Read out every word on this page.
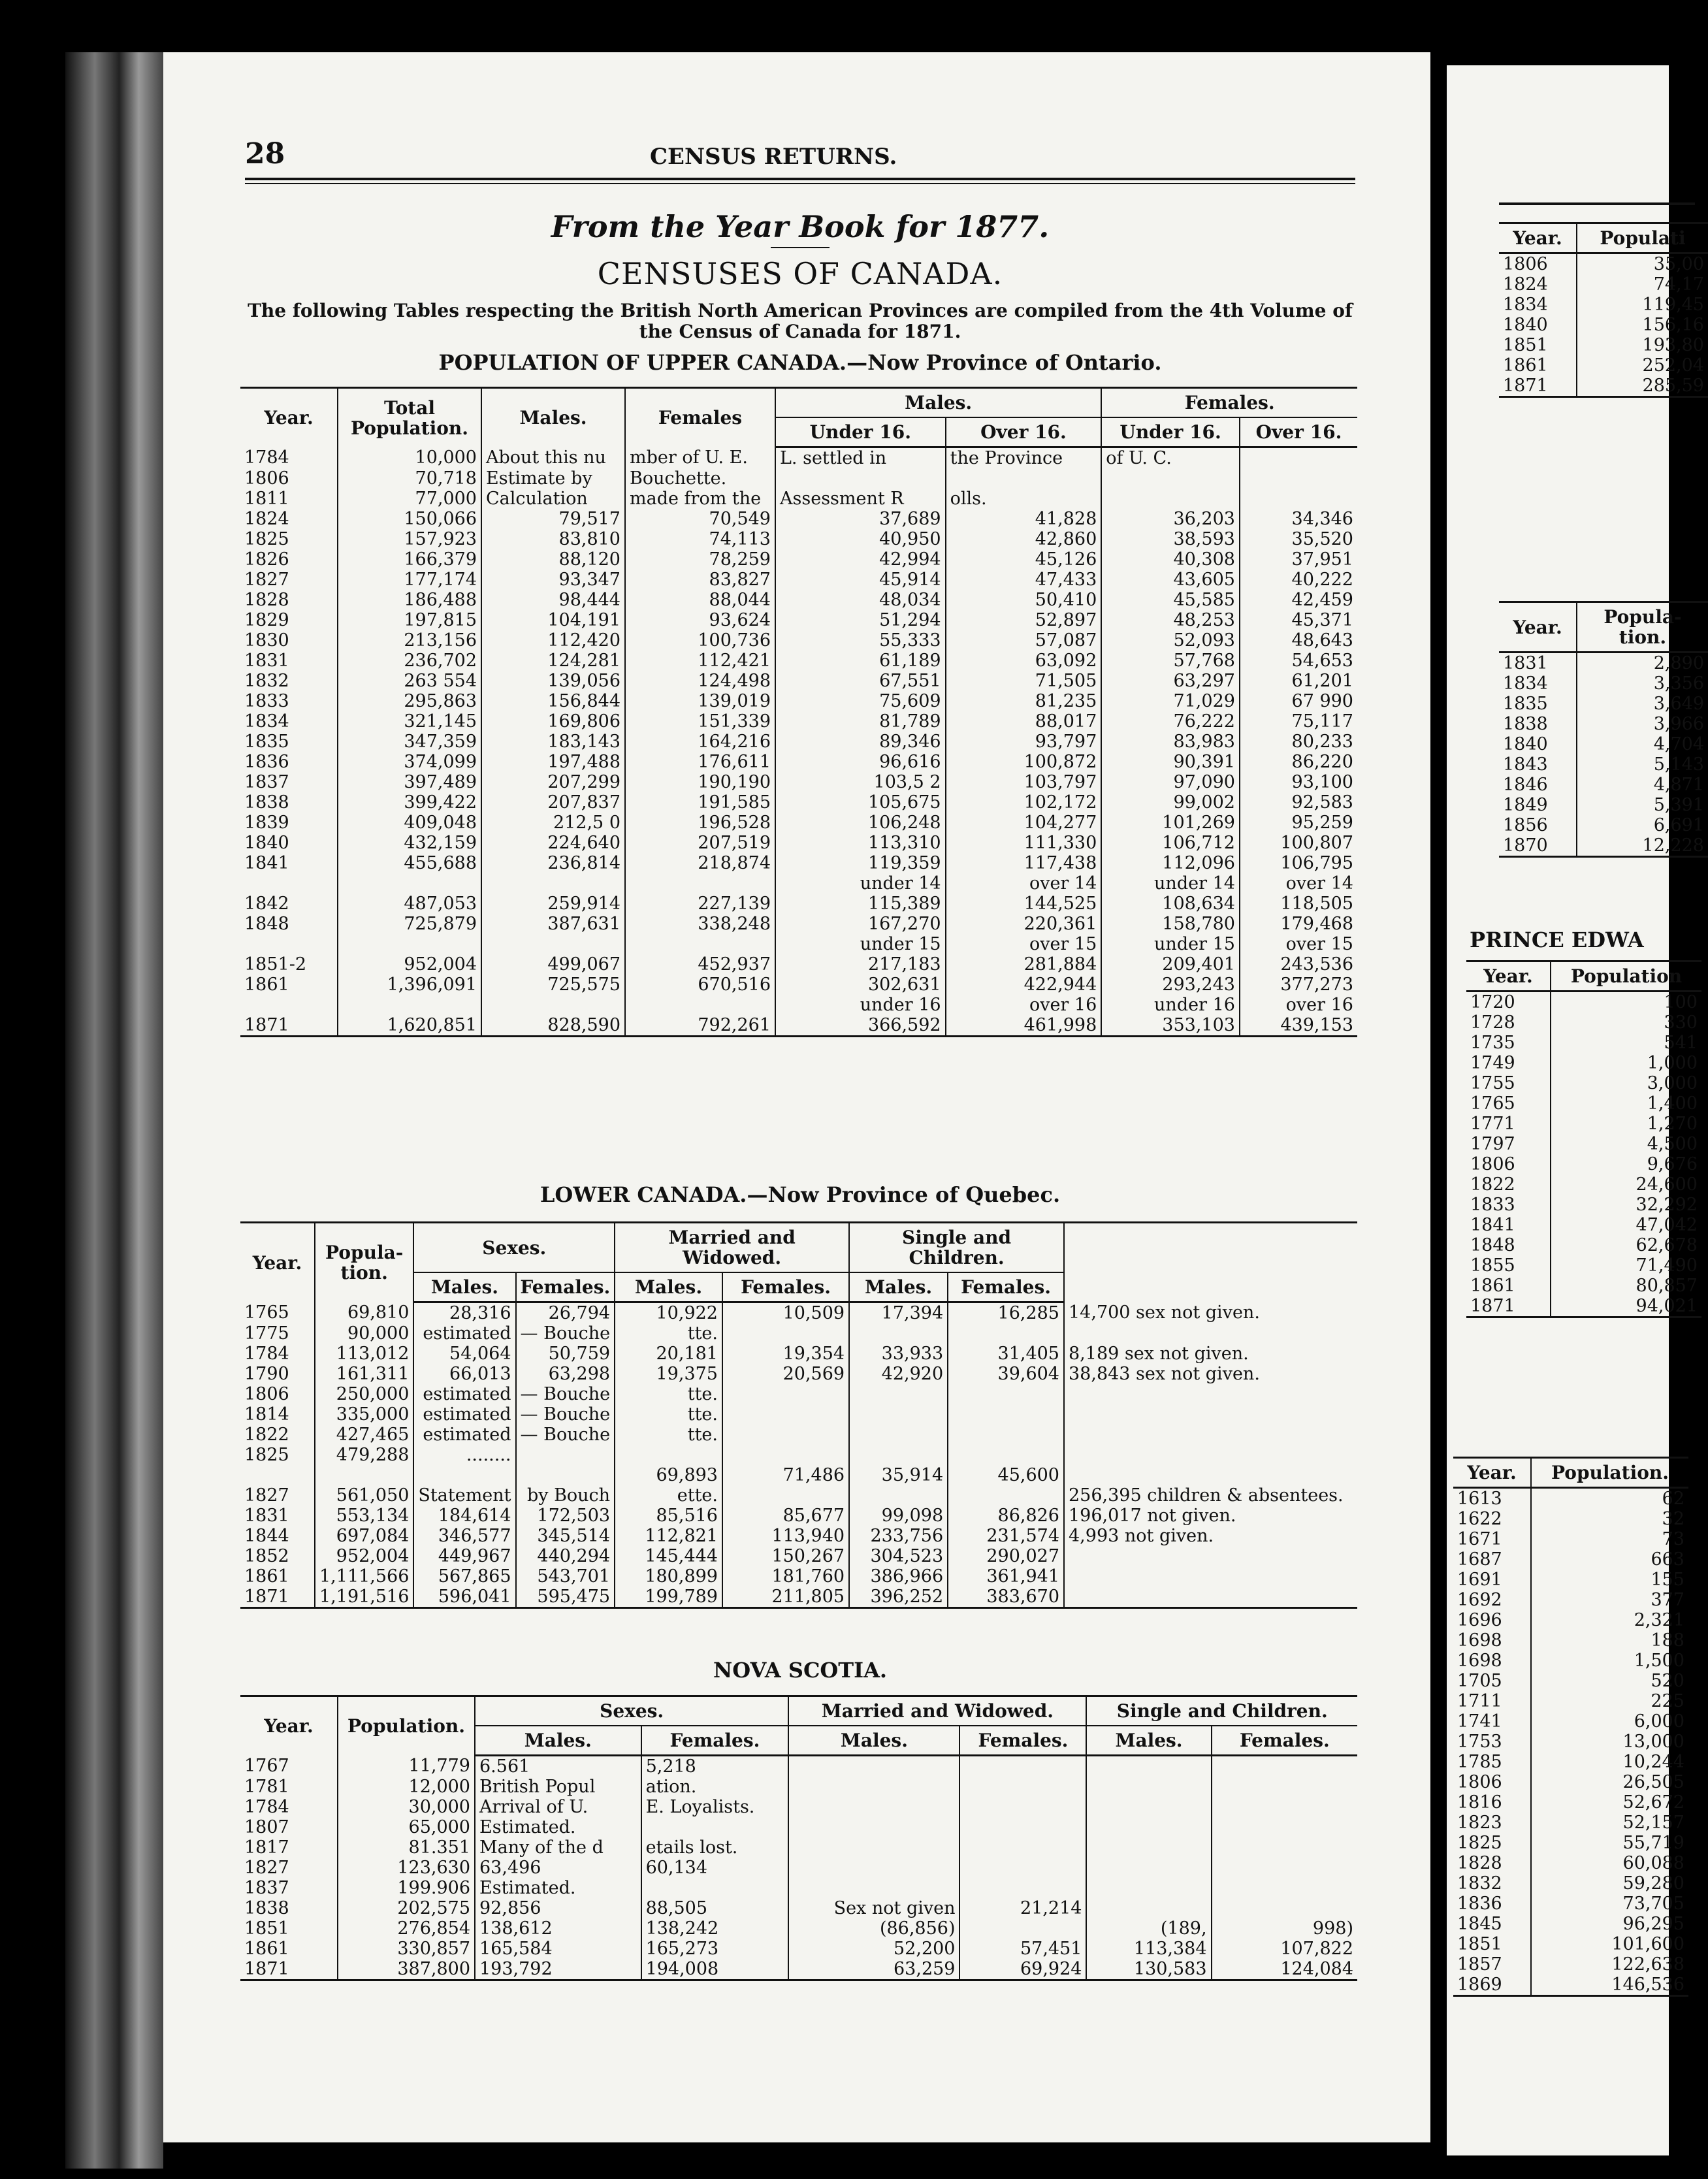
28	CENSUS RETURNS.
From the Year Book for 1877.
CENSUSES OF CANADA.
The following Tables respecting the British North American Provinces are compiled from the 4th Volume of the Census of Canada for 1871.
POPULATION OF UPPER CANADA.—Now Province of Ontario.
Year.	Total Population.	Males.	Females	Males.		Females.	
				Under 16.	Over 16.	Under 16.	Over 16.
1784	10,000	About this nu	mber of U. E.	L. settled in	the Province	of U. C.	
1806	70,718	Estimate by	Bouchette.				
1811	77,000	Calculation	made from the	Assessment R	olls.		
1824	150,066	79,517	70,549	37,689	41,828	36,203	34,346
1825	157,923	83,810	74,113	40,950	42,860	38,593	35,520
1826	166,379	88,120	78,259	42,994	45,126	40,308	37,951
1827	177,174	93,347	83,827	45,914	47,433	43,605	40,222
1828	186,488	98,444	88,044	48,034	50,410	45,585	42,459
1829	197,815	104,191	93,624	51,294	52,897	48,253	45,371
1830	213,156	112,420	100,736	55,333	57,087	52,093	48,643
1831	236,702	124,281	112,421	61,189	63,092	57,768	54,653
1832	263 554	139,056	124,498	67,551	71,505	63,297	61,201
1833	295,863	156,844	139,019	75,609	81,235	71,029	67 990
1834	321,145	169,806	151,339	81,789	88,017	76,222	75,117
1835	347,359	183,143	164,216	89,346	93,797	83,983	80,233
1836	374,099	197,488	176,611	96,616	100,872	90,391	86,220
1837	397,489	207,299	190,190	103,5 2	103,797	97,090	93,100
1838	399,422	207,837	191,585	105,675	102,172	99,002	92,583
1839	409,048	212,5 0	196,528	106,248	104,277	101,269	95,259
1840	432,159	224,640	207,519	113,310	111,330	106,712	100,807
1841	455,688	236,814	218,874	119,359	117,438	112,096	106,795
				under 14	over 14	under 14	over 14
1842	487,053	259,914	227,139	115,389	144,525	108,634	118,505
1848	725,879	387,631	338,248	167,270	220,361	158,780	179,468
				under 15	over 15	under 15	over 15
1851-2	952,004	499,067	452,937	217,183	281,884	209,401	243,536
1861	1,396,091	725,575	670,516	302,631	422,944	293,243	377,273
				under 16	over 16	under 16	over 16
1871	1,620,851	828,590	792,261	366,592	461,998	353,103	439,153
LOWER CANADA.—Now Province of Quebec.
Year.	Popula- tion.	Sexes.		Married and Widowed.		Single and Children.		
		Males.	Females.	Males.	Females.	Males.	Females.	
1765	69,810	28,316	26,794	10,922	10,509	17,394	16,285	14,700 sex not given.
1775	90,000	estimated	— Bouche	tte.				
1784	113,012	54,064	50,759	20,181	19,354	33,933	31,405	8,189 sex not given.
1790	161,311	66,013	63,298	19,375	20,569	42,920	39,604	38,843 sex not given.
1806	250,000	estimated	— Bouche	tte.				
1814	335,000	estimated	— Bouche	tte.				
1822	427,465	estimated	— Bouche	tte.				
1825	479,288	........						
				69,893	71,486	35,914	45,600	
1827	561,050	Statement	by Bouch	ette.				256,395 children & absentees.
1831	553,134	184,614	172,503	85,516	85,677	99,098	86,826	196,017 not given.
1844	697,084	346,577	345,514	112,821	113,940	233,756	231,574	4,993 not given.
1852	952,004	449,967	440,294	145,444	150,267	304,523	290,027	
1861	1,111,566	567,865	543,701	180,899	181,760	386,966	361,941	
1871	1,191,516	596,041	595,475	199,789	211,805	396,252	383,670	
NOVA SCOTIA.
Year.	Population.	Sexes.		Married and Widowed.		Single and Children.	
		Males.	Females.	Males.	Females.	Males.	Females.
1767	11,779	6.561	5,218				
1781	12,000	British Popul	ation.				
1784	30,000	Arrival of U.	E. Loyalists.				
1807	65,000	Estimated.					
1817	81.351	Many of the d	etails lost.				
1827	123,630	63,496	60,134				
1837	199.906	Estimated.					
1838	202,575	92,856	88,505	Sex not given	21,214		
1851	276,854	138,612	138,242	(86,856)		(189,	998)
1861	330,857	165,584	165,273	52,200	57,451	113,384	107,822
1871	387,800	193,792	194,008	63,259	69,924	130,583	124,084
Year.	Populati
1806	35,00
1824	74,17
1834	119,45
1840	156,16
1851	193,80
1861	252,04
1871	285,59
Year.	Popula- tion.
1831	2,890
1834	3,356
1835	3,649
1838	3,966
1840	4,704
1843	5,143
1846	4,871
1849	5,391
1856	6,691

1870	12,228
PRINCE EDWA
Year.	Population
1720	100
1728	330
1735	541
1749	1,000
1755	3,000
1765	1,400
1771	1,270
1797	4,500

1806	9,676
1822	24,600
1833	32,292
1841	47,042
1848	62,678
1855	71,490
1861	80,857
1871	94,021
Year.	Population.
1613	62
1622	32
1671	73
1687	663
1691	155
1692	377
1696	2,321
1698	188
1698	1,500
1705	520
1711	225
1741	6,000
1753	13,000
1785	10,244
1806	26,505
1816	52,672
1823	52,157
1825	55,719
1828	60,088
1832	59,280
1836	73,705
1845	96,295
1851	101,600
1857	122,638
1869	146,536
